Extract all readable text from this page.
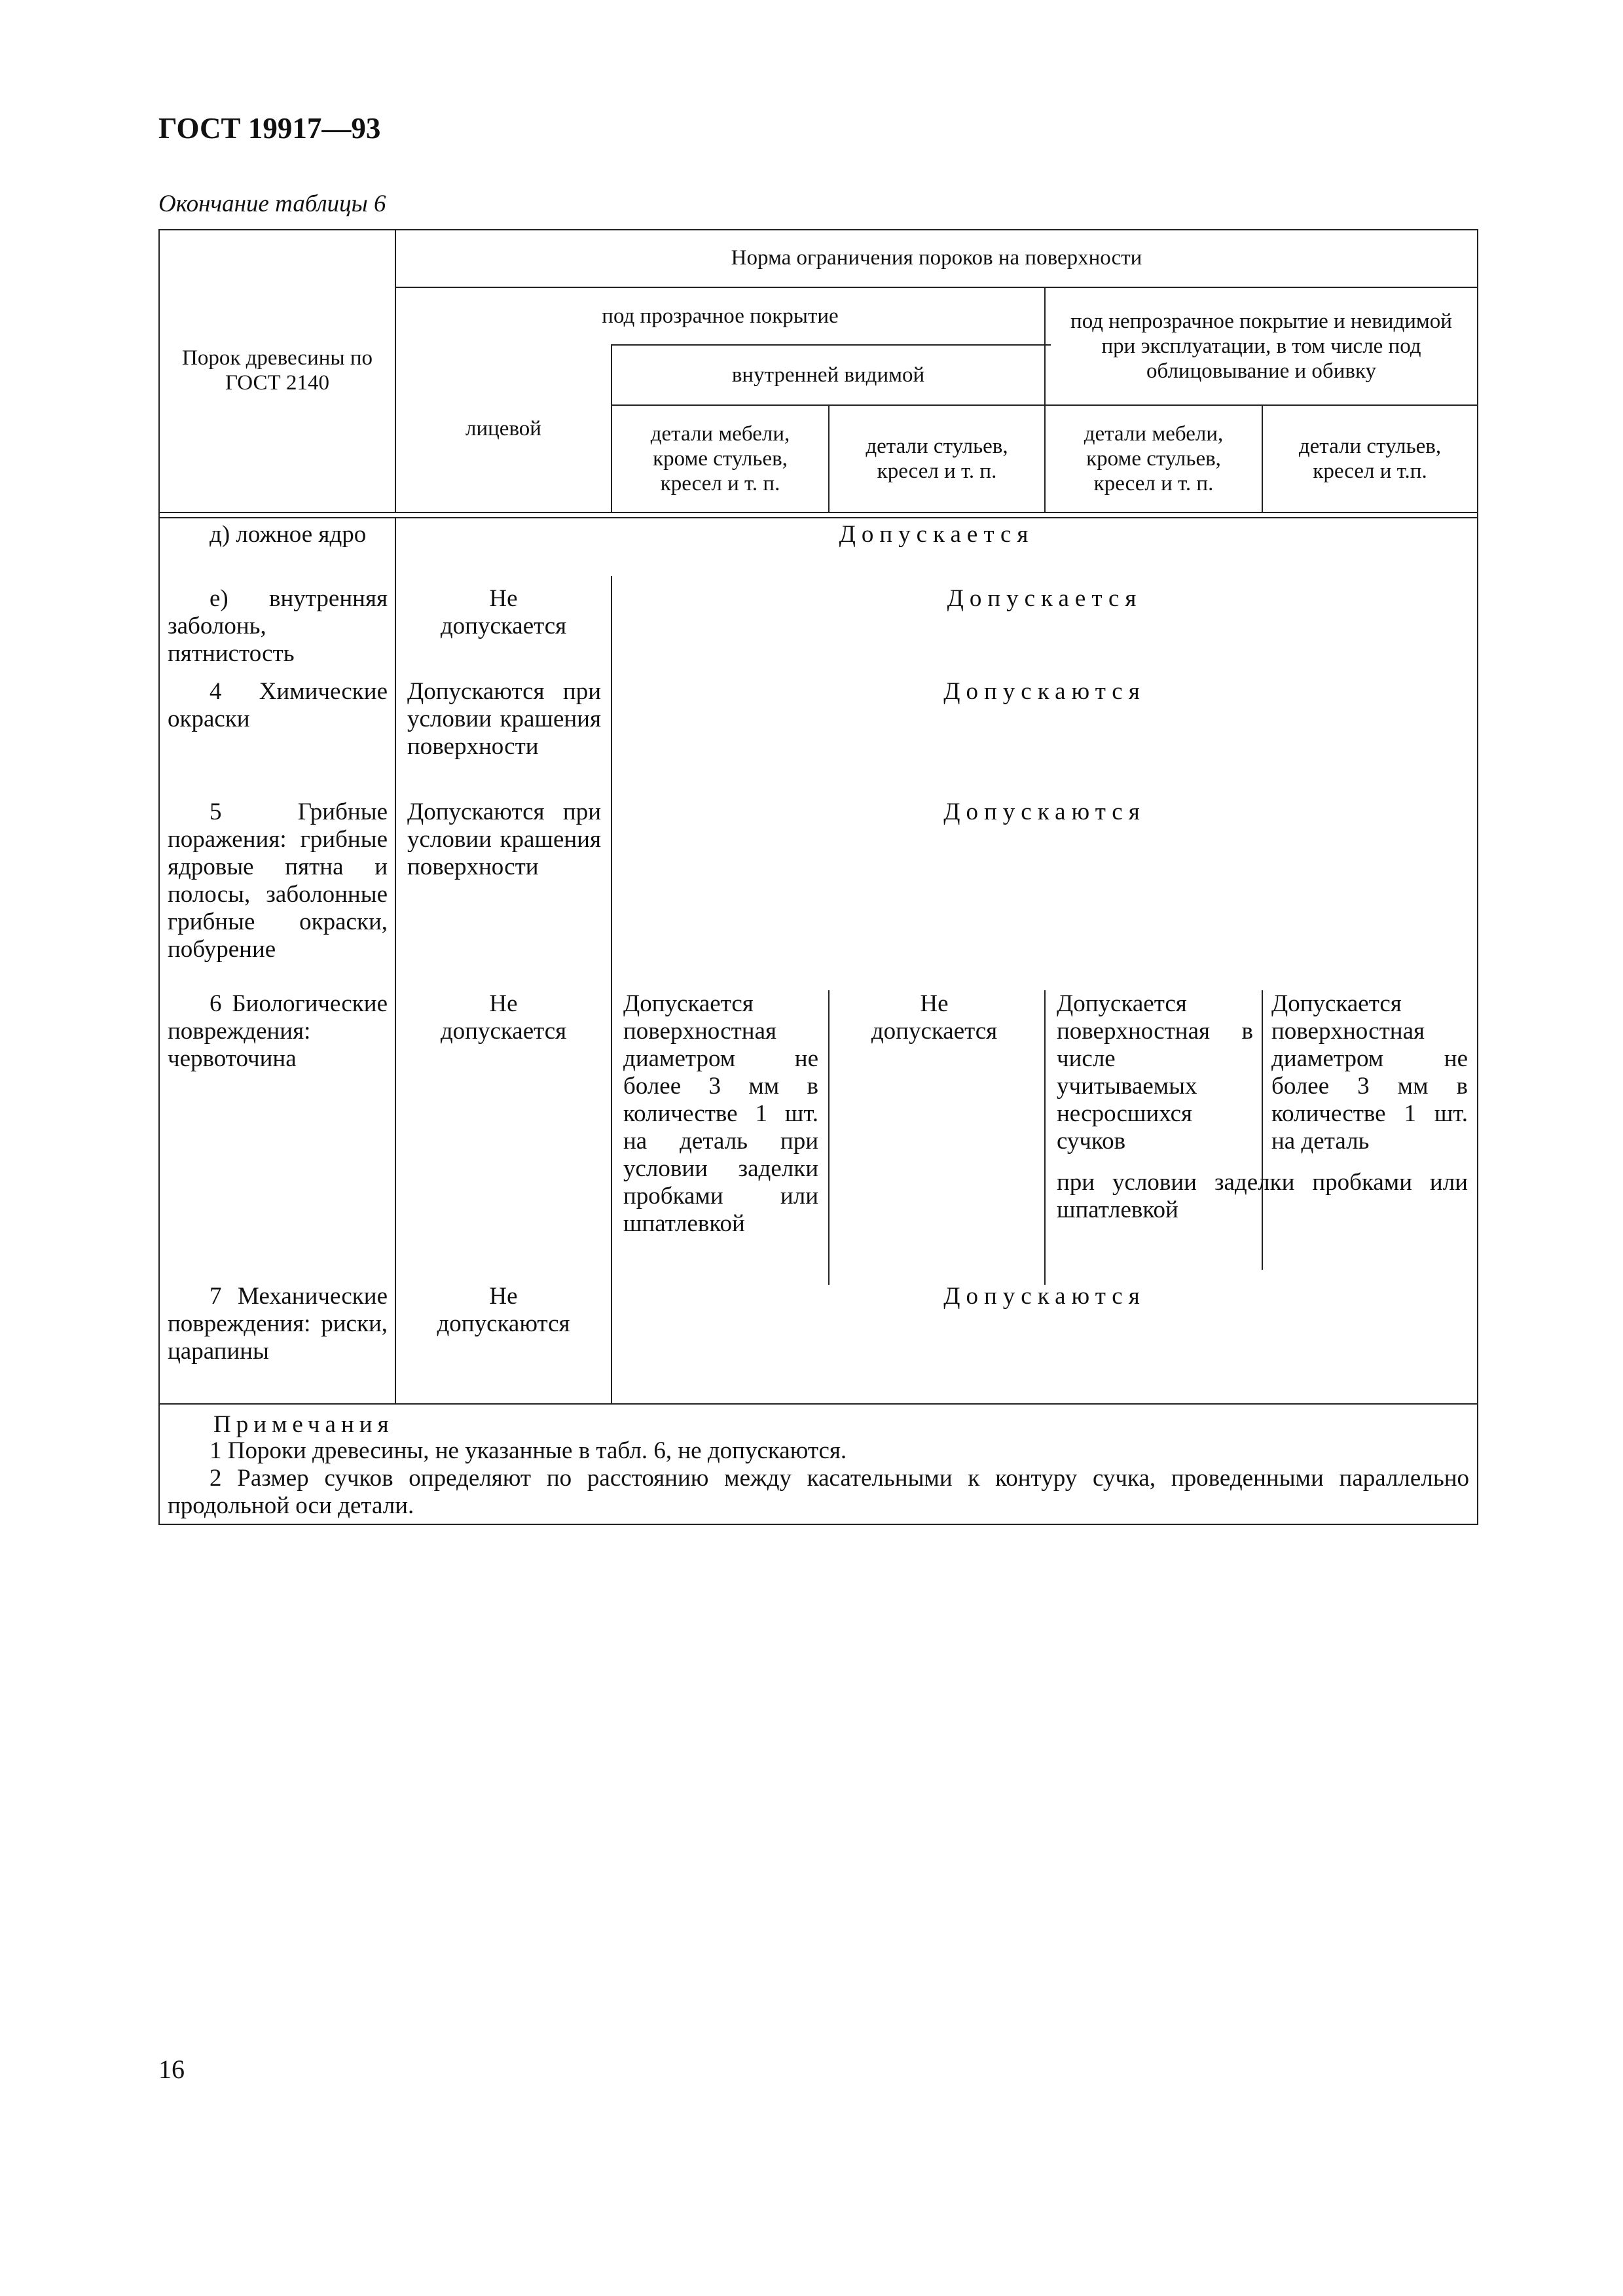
ГОСТ 19917—93
Окончание таблицы 6
Порок древесины по ГОСТ 2140
Норма ограничения пороков на поверхности
под прозрачное покрытие	под непрозрачное покрытие и невидимой при эксплуатации, в том числе под облицовывание и обивку
лицевой
внутренней видимой
детали мебели, кроме стульев, кресел и т. п.
детали стульев, кресел и т. п.
детали мебели, кроме стульев, кресел и т. п.
детали стульев, кресел и т.п.
д) ложное ядро	Допускается
е) внутренняя заболонь, пятнистость
Не допускается
Допускается
4 Химические окраски
Допускаются при условии крашения поверхности
Допускаются
5 Грибные поражения: грибные ядровые пятна и полосы, заболонные грибные окраски, побурение
Допускаются при условии крашения поверхности
Допускаются
6 Биологические повреждения: червоточина
Не допускается
Допускается поверхностная диаметром не более 3 мм в количестве 1 шт. на деталь при условии заделки пробками или шпатлевкой
Не допускается
Допускается поверхностная в числе учитываемых несросшихся сучков
Допускается поверхностная диаметром не более 3 мм в количестве 1 шт. на деталь
при условии заделки пробками или шпатлевкой
7 Механические повреждения: риски, царапины
Не допускаются
Допускаются
Примечания
1 Пороки древесины, не указанные в табл. 6, не допускаются.
2 Размер сучков определяют по расстоянию между касательными к контуру сучка, проведенными параллельно продольной оси детали.
16
